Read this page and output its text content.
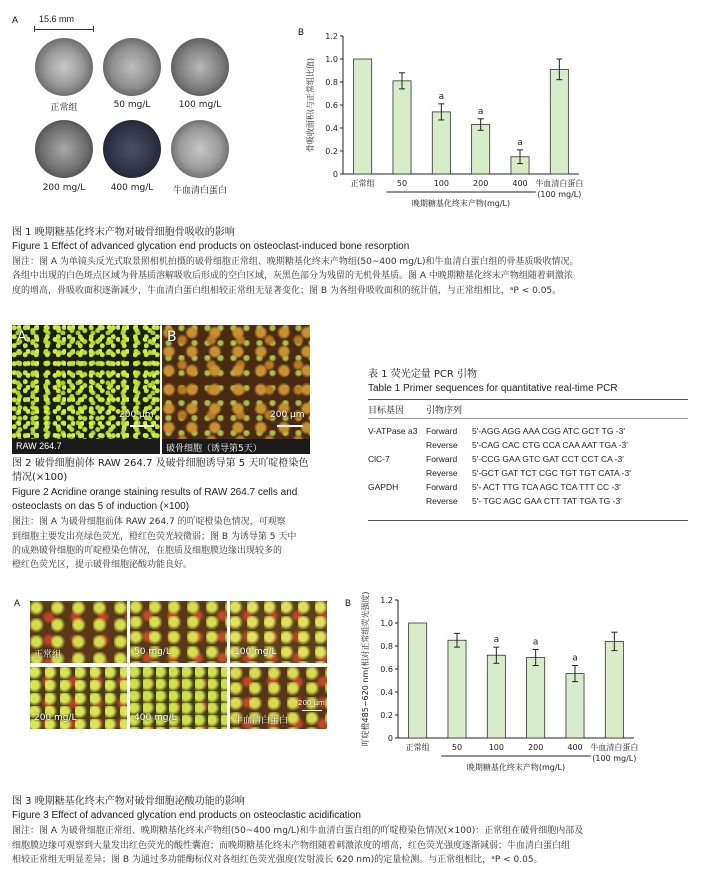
A 15.6 mm
正常组	50 mg/L	100 mg/L
200 mg/L	400 mg/L	牛血清白蛋白
B
0
0.2
0.4
0.6
0.8
1.0
1.2
骨吸收面积(与正常组比值)
正常组	50
a
100
a
200
a
400 牛血清白蛋白
(100 mg/L)
晚期糖基化终末产物(mg/L)
图 1 晚期糖基化终末产物对破骨细胞骨吸收的影响
Figure 1 Effect of advanced glycation end products on osteoclast-induced bone resorption
图注：图 A 为单镜头反光式取景照相机拍摄的破骨细胞正常组、晚期糖基化终末产物组(50~400 mg/L)和牛血清白蛋白组的骨基质吸收情况。
各组中出现的白色斑点区域为骨基质溶解吸收后形成的空白区域，灰黑色部分为残留的无机骨基质。图 A 中晚期糖基化终末产物组随着刺激浓
度的增高，骨吸收面积逐渐减少，牛血清白蛋白组相较正常组无显著变化；图 B 为各组骨吸收面积的统计值，与正常组相比，ᵃP < 0.05。
A
200 μm
B
200 μm
RAW 264.7	破骨细胞（诱导第5天）
图 2 破骨细胞前体 RAW 264.7 及破骨细胞诱导第 5 天吖啶橙染色
情况(×100)
Figure 2 Acridine orange staining results of RAW 264.7 cells and
osteoclasts on das 5 of induction (×100)
图注：图 A 为破骨细胞前体 RAW 264.7 的吖啶橙染色情况，可观察
到细胞主要发出亮绿色荧光，橙红色荧光较微弱；图 B 为诱导第 5 天中
的成熟破骨细胞的吖啶橙染色情况，在胞质及细胞膜边缘出现较多的
橙红色荧光区，提示破骨细胞泌酸功能良好。
表 1 荧光定量 PCR 引物
Table 1 Primer sequences for quantitative real-time PCR
目标基因 引物序列
V-ATPase a3	Forward	5'-AGG AGG AAA CGG ATC GCT TG -3'
	Reverse	5'-CAG CAC CTG CCA CAA AAT TGA -3'
ClC-7	Forward	5'-CCG GAA GTC GAT CCT CCT CA -3'
	Reverse	5'-GCT GAT TCT CGC TGT TGT CATA -3'
GAPDH	Forward	5'- ACT TTG TCA AGC TCA TTT CC -3'
	Reverse	5'- TGC AGC GAA CTT TAT TGA TG -3'
A
正常组	50 mg/L	100 mg/L
200 mg/L	400 mg/L	牛血清白蛋白
200 μm
B
0
0.2
0.4
0.6
0.8
1.0
1.2
吖啶橙485~620 nm(相对正常组荧光强度)
正常组	50
a
100
a
200
a
400 牛血清白蛋白
(100 mg/L)
晚期糖基化终末产物(mg/L)
图 3 晚期糖基化终末产物对破骨细胞泌酸功能的影响
Figure 3 Effect of advanced glycation end products on osteoclastic acidification
图注：图 A 为破骨细胞正常组、晚期糖基化终末产物组(50~400 mg/L)和牛血清白蛋白组的吖啶橙染色情况(×100)：正常组在破骨细胞内部及
细胞膜边缘可观察到大量发出红色荧光的酸性囊泡；而晚期糖基化终末产物组随着刺激浓度的增高，红色荧光强度逐渐减弱；牛血清白蛋白组
相较正常组无明显差异；图 B 为通过多功能酶标仪对各组红色荧光强度(发射波长 620 nm)的定量检测。与正常组相比，ᵃP < 0.05。
